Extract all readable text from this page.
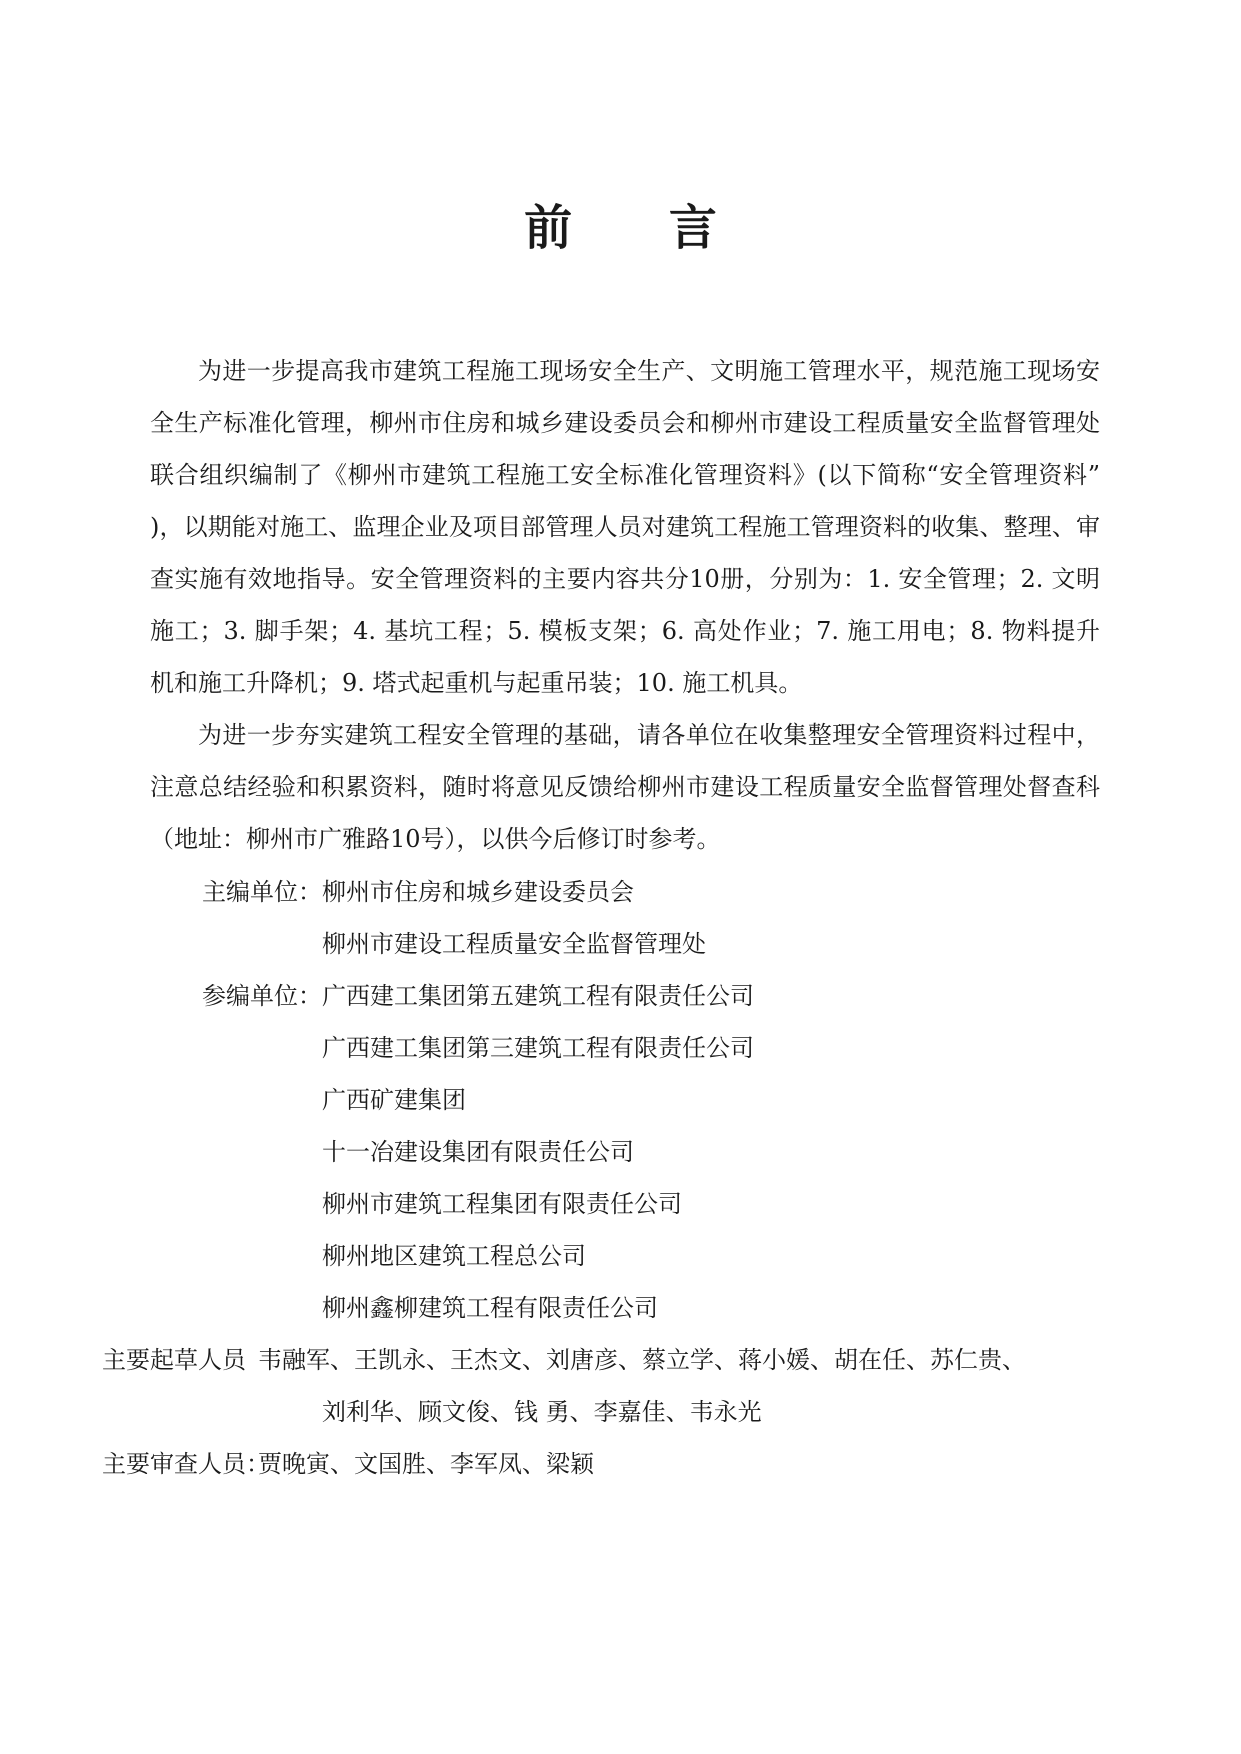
前 言

为进一步提高我市建筑工程施工现场安全生产、文明施工管理水平，规范施工现场安全生产标准化管理，柳州市住房和城乡建设委员会和柳州市建设工程质量安全监督管理处联合组织编制了《柳州市建筑工程施工安全标准化管理资料》(以下简称“安全管理资料” )，以期能对施工、监理企业及项目部管理人员对建筑工程施工管理资料的收集、整理、审查实施有效地指导。安全管理资料的主要内容共分10册，分别为：1. 安全管理；2. 文明施工；3. 脚手架；4. 基坑工程；5. 模板支架；6. 高处作业；7. 施工用电；8. 物料提升机和施工升降机；9. 塔式起重机与起重吊装；10. 施工机具。

为进一步夯实建筑工程安全管理的基础，请各单位在收集整理安全管理资料过程中，注意总结经验和积累资料，随时将意见反馈给柳州市建设工程质量安全监督管理处督查科（地址：柳州市广雅路10号），以供今后修订时参考。

主编单位： 柳州市住房和城乡建设委员会
柳州市建设工程质量安全监督管理处
参编单位： 广西建工集团第五建筑工程有限责任公司
广西建工集团第三建筑工程有限责任公司
广西矿建集团
十一冶建设集团有限责任公司
柳州市建筑工程集团有限责任公司
柳州地区建筑工程总公司
柳州鑫柳建筑工程有限责任公司
主要起草人员 韦融军、王凯永、王杰文、刘唐彦、蔡立学、蒋小媛、胡在任、苏仁贵、
刘利华、顾文俊、钱 勇、李嘉佳、韦永光
主要审查人员：
贾晚寅、文国胜、李军凤、梁颖
